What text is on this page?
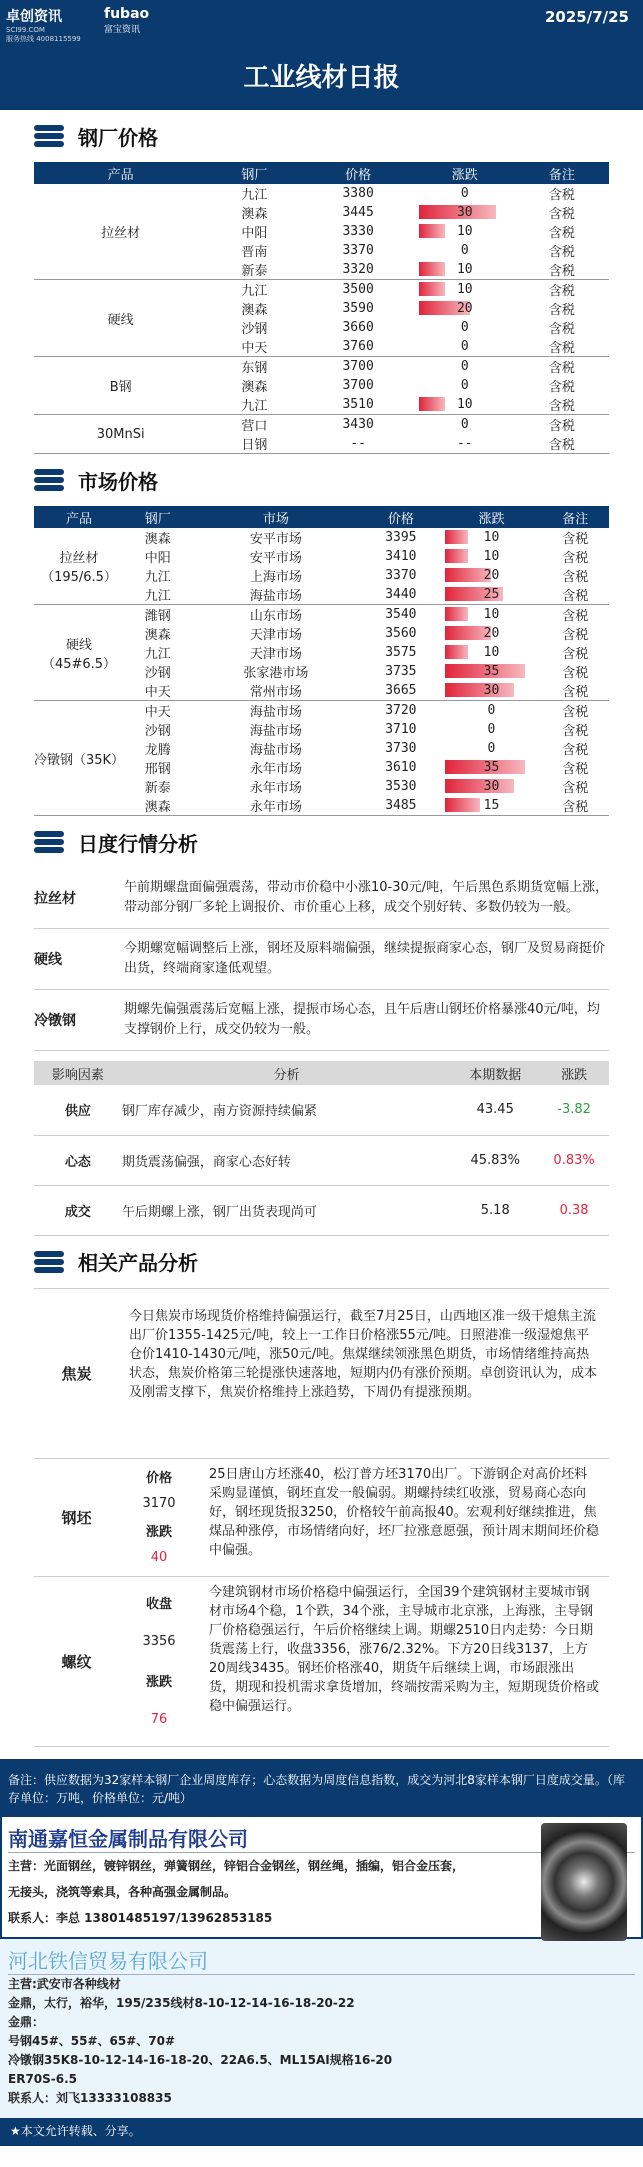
卓创资讯
SCI99.COM
服务热线 4008115599
fubao
富宝资讯
2025/7/25
工业线材日报
钢厂价格
产品	钢厂	价格	涨跌	备注
拉丝材	九江	3380	0	含税
	澳森	3445	30	含税
	中阳	3330	10	含税
	晋南	3370	0	含税
	新泰	3320	10	含税
硬线	九江	3500	10	含税
	澳森	3590	20	含税
	沙钢	3660	0	含税
	中天	3760	0	含税
B钢	东钢	3700	0	含税
	澳森	3700	0	含税
	九江	3510	10	含税
30MnSi	营口	3430	0	含税
	日钢	--	--	含税
市场价格
产品	钢厂	市场	价格	涨跌	备注
拉丝材（195/6.5）	澳森	安平市场	3395	10	含税
	中阳	安平市场	3410	10	含税
	九江	上海市场	3370	20	含税
	九江	海盐市场	3440	25	含税
硬线（45#6.5）	潍钢	山东市场	3540	10	含税
	澳森	天津市场	3560	20	含税
	九江	天津市场	3575	10	含税
	沙钢	张家港市场	3735	35	含税
	中天	常州市场	3665	30	含税
冷镦钢（35K）	中天	海盐市场	3720	0	含税
	沙钢	海盐市场	3710	0	含税
	龙腾	海盐市场	3730	0	含税
	邢钢	永年市场	3610	35	含税
	新泰	永年市场	3530	30	含税
	澳森	永年市场	3485	15	含税
日度行情分析
拉丝材
午前期螺盘面偏强震荡，带动市价稳中小涨10-30元/吨，午后黑色系期货宽幅上涨，带动部分钢厂多轮上调报价、市价重心上移，成交个别好转、多数仍较为一般。
硬线
今期螺宽幅调整后上涨，钢坯及原料端偏强，继续提振商家心态，钢厂及贸易商挺价出货，终端商家逢低观望。
冷镦钢
期螺先偏强震荡后宽幅上涨，提振市场心态，且午后唐山钢坯价格暴涨40元/吨，均支撑钢价上行，成交仍较为一般。
影响因素	分析	本期数据	涨跌
供应	钢厂库存减少，南方资源持续偏紧	43.45	-3.82
心态	期货震荡偏强，商家心态好转	45.83%	0.83%
成交	午后期螺上涨，钢厂出货表现尚可	5.18	0.38
相关产品分析
焦炭
今日焦炭市场现货价格维持偏强运行，截至7月25日，山西地区准一级干熄焦主流出厂价1355-1425元/吨，较上一工作日价格涨55元/吨。日照港准一级湿熄焦平仓价1410-1430元/吨，涨50元/吨。焦煤继续领涨黑色期货，市场情绪维持高热状态，焦炭价格第三轮提涨快速落地，短期内仍有涨价预期。卓创资讯认为，成本及刚需支撑下，焦炭价格维持上涨趋势，下周仍有提涨预期。
钢坯
价格
3170
涨跌
40
25日唐山方坯涨40，松汀普方坯3170出厂。下游钢企对高价坯料采购显谨慎，钢坯直发一般偏弱。期螺持续红收涨，贸易商心态向好，钢坯现货报3250，价格较午前高报40。宏观利好继续推进，焦煤品种涨停，市场情绪向好，坯厂拉涨意愿强，预计周末期间坯价稳中偏强。
螺纹
收盘
3356
涨跌
76
今建筑钢材市场价格稳中偏强运行，全国39个建筑钢材主要城市钢材市场4个稳，1个跌，34个涨，主导城市北京涨，上海涨，主导钢厂价格稳强运行，午后价格继续上调。期螺2510日内走势：今日期货震荡上行，收盘3356，涨76/2.32%。下方20日线3137，上方20周线3435。钢坯价格涨40，期货午后继续上调，市场跟涨出货，期现和投机需求拿货增加，终端按需采购为主，短期现货价格或稳中偏强运行。
备注：供应数据为32家样本钢厂企业周度库存；心态数据为周度信息指数，成交为河北8家样本钢厂日度成交量。（库存单位：万吨，价格单位：元/吨）
南通嘉恒金属制品有限公司

主营：光面钢丝，镀锌钢丝，弹簧钢丝，锌铝合金钢丝，钢丝绳，插编，铝合金压套，

无接头，浇筑等索具，各种高强金属制品。

联系人：李总 13801485197/13962853185

河北铁信贸易有限公司

主营:武安市各种线材

金鼎，太行，裕华，195/235线材8-10-12-14-16-18-20-22

金鼎：

号钢45#、55#、65#、70#

冷镦钢35K8-10-12-14-16-18-20、22A6.5、ML15AI规格16-20

ER70S-6.5

联系人：刘飞13333108835

★本文允许转载、分享。
